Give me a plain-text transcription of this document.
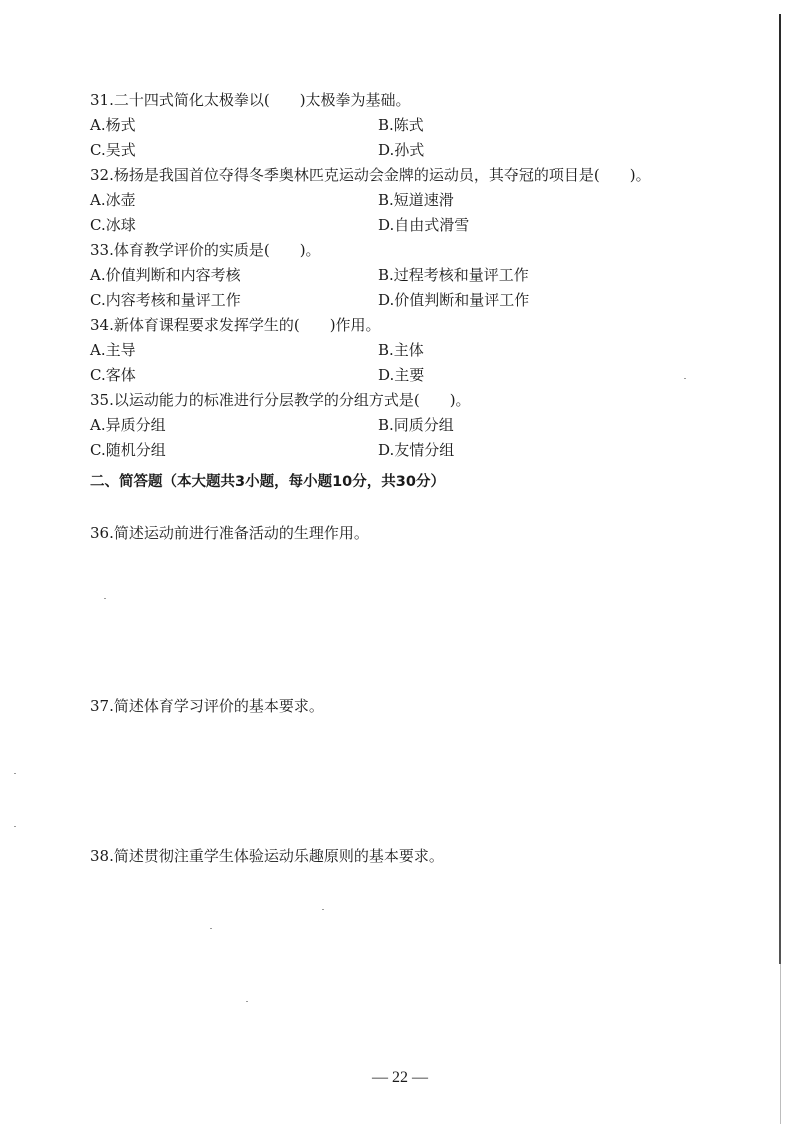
31.二十四式简化太极拳以(　　)太极拳为基础。
A.杨式	B.陈式
C.吴式	D.孙式
32.杨扬是我国首位夺得冬季奥林匹克运动会金牌的运动员，其夺冠的项目是(　　)。
A.冰壶	B.短道速滑
C.冰球	D.自由式滑雪
33.体育教学评价的实质是(　　)。
A.价值判断和内容考核	B.过程考核和量评工作
C.内容考核和量评工作	D.价值判断和量评工作
34.新体育课程要求发挥学生的(　　)作用。
A.主导	B.主体
C.客体	D.主要
35.以运动能力的标准进行分层教学的分组方式是(　　)。
A.异质分组	B.同质分组
C.随机分组	D.友情分组
二、简答题（本大题共3小题，每小题10分，共30分）
36.简述运动前进行准备活动的生理作用。
37.简述体育学习评价的基本要求。
38.简述贯彻注重学生体验运动乐趣原则的基本要求。
— 22 —
